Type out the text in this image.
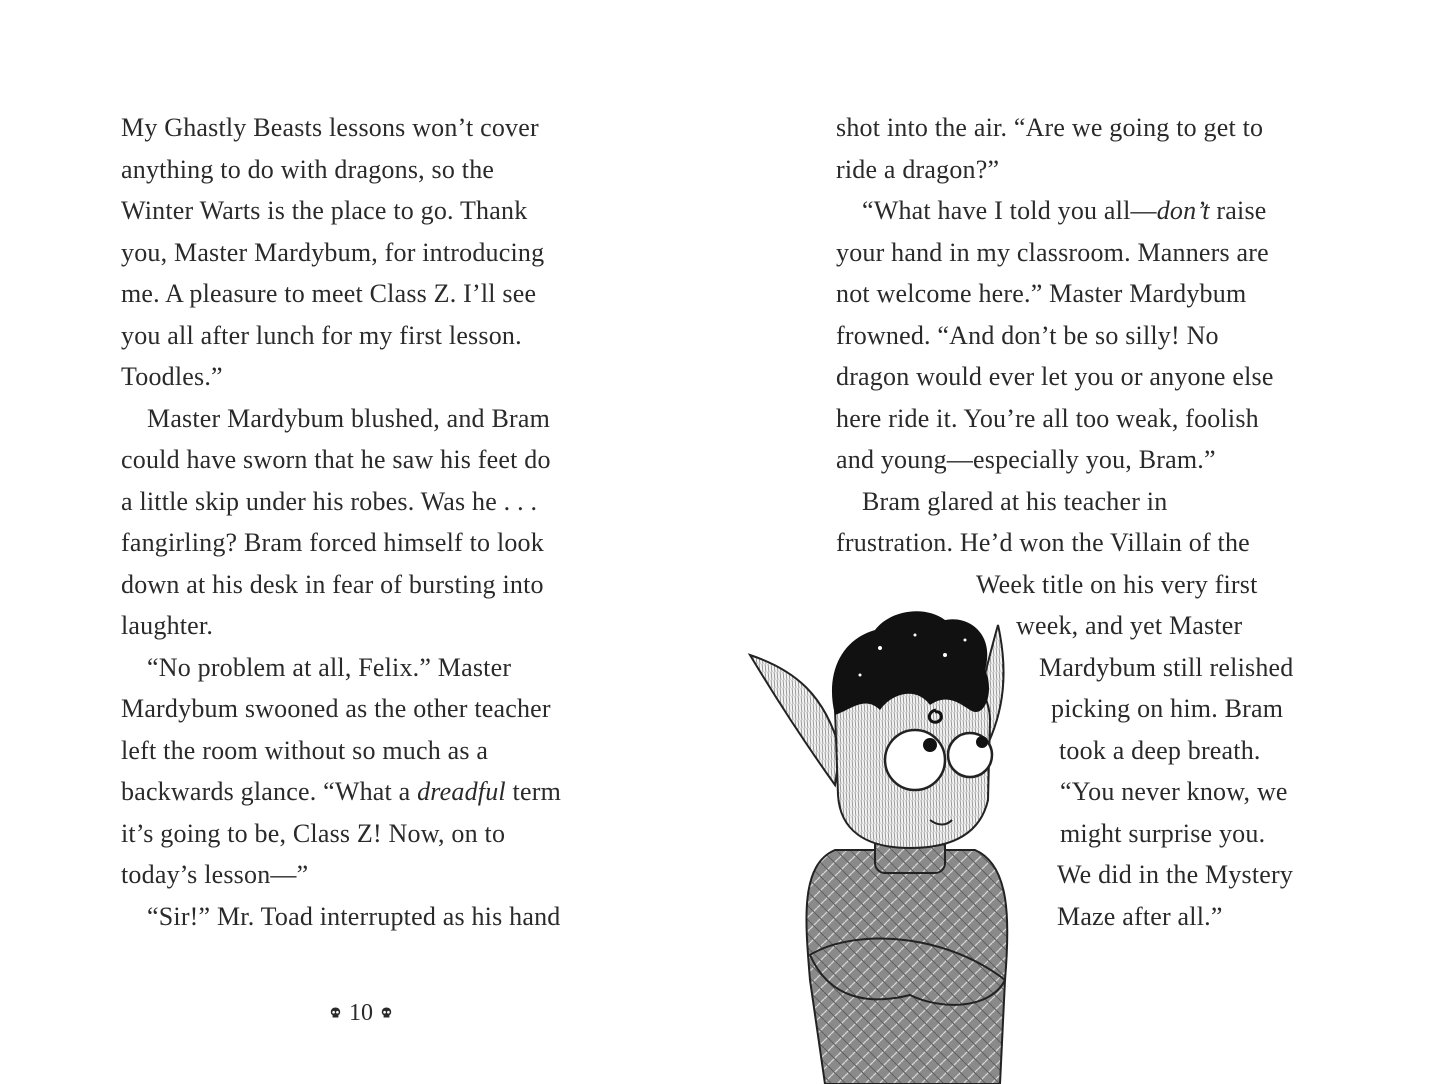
My Ghastly Beasts lessons won’t cover
anything to do with dragons, so the
Winter Warts is the place to go. Thank
you, Master Mardybum, for introducing
me. A pleasure to meet Class Z. I’ll see
you all after lunch for my first lesson.
Toodles.”
Master Mardybum blushed, and Bram
could have sworn that he saw his feet do
a little skip under his robes. Was he . . .
fangirling? Bram forced himself to look
down at his desk in fear of bursting into
laughter.
“No problem at all, Felix.” Master
Mardybum swooned as the other teacher
left the room without so much as a
backwards glance. “What a dreadful term
it’s going to be, Class Z! Now, on to
today’s lesson—”
“Sir!” Mr. Toad interrupted as his hand
10
shot into the air. “Are we going to get to
ride a dragon?”
“What have I told you all—don’t raise
your hand in my classroom. Manners are
not welcome here.” Master Mardybum
frowned. “And don’t be so silly! No
dragon would ever let you or anyone else
here ride it. You’re all too weak, foolish
and young—especially you, Bram.”
Bram glared at his teacher in
frustration. He’d won the Villain of the
Week title on his very first
week, and yet Master
Mardybum still relished
picking on him. Bram
took a deep breath.
“You never know, we
might surprise you.
We did in the Mystery
Maze after all.”
